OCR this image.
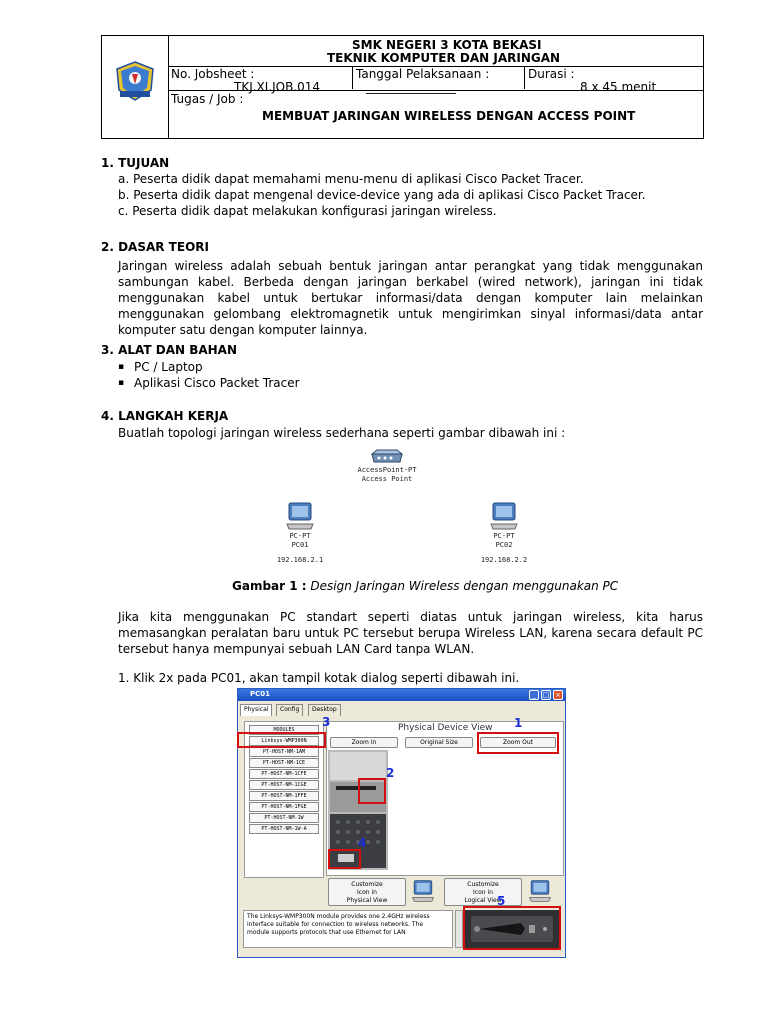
SMK NEGERI 3 KOTA BEKASI
TEKNIK KOMPUTER DAN JARINGAN
No. Jobsheet :
TKJ.XI.JOB.014
Tanggal Pelaksanaan :
_______________
Durasi :
8 x 45 menit
Tugas / Job :
MEMBUAT JARINGAN WIRELESS DENGAN ACCESS POINT
1. TUJUAN
a. Peserta didik dapat memahami menu-menu di aplikasi Cisco Packet Tracer.
b. Peserta didik dapat mengenal device-device yang ada di aplikasi Cisco Packet Tracer.
c. Peserta didik dapat melakukan konfigurasi jaringan wireless.
2. DASAR TEORI
Jaringan wireless adalah sebuah bentuk jaringan antar perangkat yang tidak menggunakan sambungan kabel. Berbeda dengan jaringan berkabel (wired network), jaringan ini tidak menggunakan kabel untuk bertukar informasi/data dengan komputer lain melainkan menggunakan gelombang elektromagnetik untuk mengirimkan sinyal informasi/data antar komputer satu dengan komputer lainnya.
3. ALAT DAN BAHAN
▪ PC / Laptop
▪ Aplikasi Cisco Packet Tracer
4. LANGKAH KERJA
Buatlah topologi jaringan wireless sederhana seperti gambar dibawah ini :
AccessPoint-PT
Access Point
PC-PT
PC01
192.168.2.1
PC-PT
PC02
192.168.2.2
Gambar 1 : Design Jaringan Wireless dengan menggunakan PC
Jika kita menggunakan PC standart seperti diatas untuk jaringan wireless, kita harus memasangkan peralatan baru untuk PC tersebut berupa Wireless LAN, karena secara default PC tersebut hanya mempunyai sebuah LAN Card tanpa WLAN.
1. Klik 2x pada PC01, akan tampil kotak dialog seperti dibawah ini.
PC01	_ □ ×
Physical	Config	Desktop
MODULES
Linksys-WMP300N
PT-HOST-NM-1AM
PT-HOST-NM-1CE
PT-HOST-NM-1CFE
PT-HOST-NM-1CGE
PT-HOST-NM-1FFE
PT-HOST-NM-1FGE
PT-HOST-NM-1W
PT-HOST-NM-1W-A
Physical Device View
Zoom In	Original Size	Zoom Out
Customize
Icon in
Physical View
Customize
Icon in
Logical View
The Linksys-WMP300N module provides one 2.4GHz wireless interface suitable for connection to wireless networks. The module supports protocols that use Ethernet for LAN
1
2
3
4
5
